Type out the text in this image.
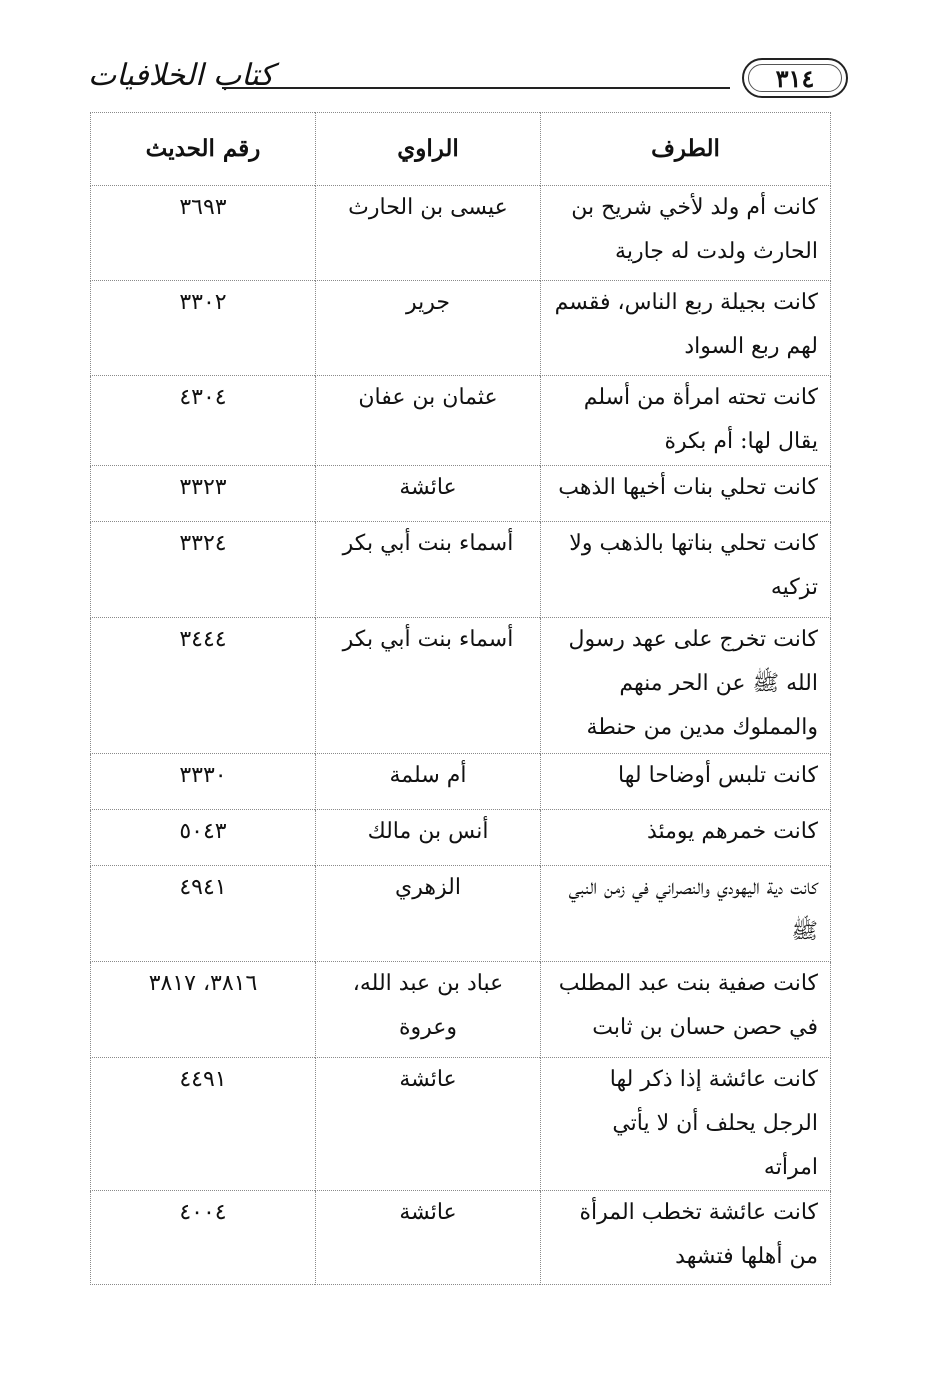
كتاب الخلافيات	٣١٤
الطرف	الراوي	رقم الحديث
كانت أم ولد لأخي شريح بن الحارث ولدت له جارية	عيسى بن الحارث	٣٦٩٣
كانت بجيلة ربع الناس، فقسم لهم ربع السواد	جرير	٣٣٠٢
كانت تحته امرأة من أسلم يقال لها: أم بكرة	عثمان بن عفان	٤٣٠٤
كانت تحلي بنات أخيها الذهب	عائشة	٣٣٢٣
كانت تحلي بناتها بالذهب ولا تزكيه	أسماء بنت أبي بكر	٣٣٢٤
كانت تخرج على عهد رسول الله ﷺ عن الحر منهم والمملوك مدين من حنطة	أسماء بنت أبي بكر	٣٤٤٤
كانت تلبس أوضاحا لها	أم سلمة	٣٣٣٠
كانت خمرهم يومئذ	أنس بن مالك	٥٠٤٣
كانت دية اليهودي والنصراني في زمن النبي ﷺ	الزهري	٤٩٤١
كانت صفية بنت عبد المطلب في حصن حسان بن ثابت	عباد بن عبد الله، وعروة	٣٨١٦، ٣٨١٧
كانت عائشة إذا ذكر لها الرجل يحلف أن لا يأتي امرأته	عائشة	٤٤٩١
كانت عائشة تخطب المرأة من أهلها فتشهد	عائشة	٤٠٠٤
